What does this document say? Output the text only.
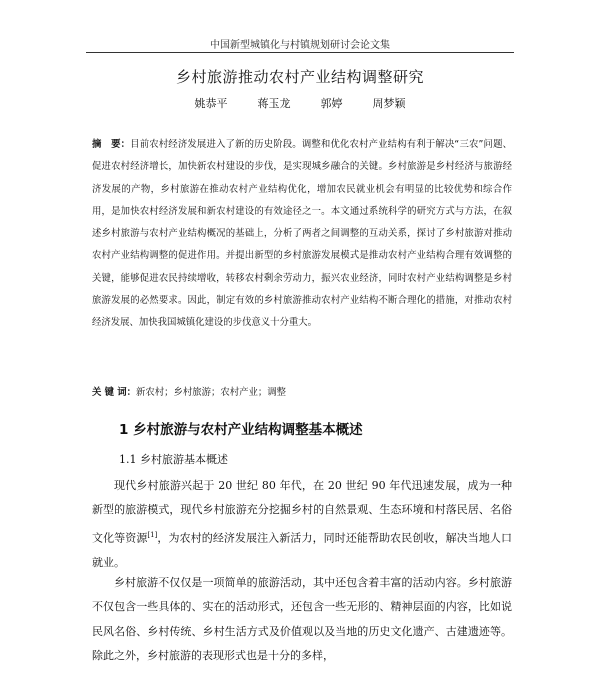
中国新型城镇化与村镇规划研讨会论文集
乡村旅游推动农村产业结构调整研究
姚恭平	蒋玉龙	郭婷	周梦颖
摘　要：目前农村经济发展进入了新的历史阶段。调整和优化农村产业结构有利于解决“三农”问题、促进农村经济增长，加快新农村建设的步伐，是实现城乡融合的关键。乡村旅游是乡村经济与旅游经济发展的产物，乡村旅游在推动农村产业结构优化，增加农民就业机会有明显的比较优势和综合作用，是加快农村经济发展和新农村建设的有效途径之一。本文通过系统科学的研究方式与方法，在叙述乡村旅游与农村产业结构概况的基础上，分析了两者之间调整的互动关系，探讨了乡村旅游对推动农村产业结构调整的促进作用。并提出新型的乡村旅游发展模式是推动农村产业结构合理有效调整的关键，能够促进农民持续增收，转移农村剩余劳动力，振兴农业经济，同时农村产业结构调整是乡村旅游发展的必然要求。因此，制定有效的乡村旅游推动农村产业结构不断合理化的措施，对推动农村经济发展、加快我国城镇化建设的步伐意义十分重大。
关 键 词：新农村；乡村旅游；农村产业；调整
1 乡村旅游与农村产业结构调整基本概述
1.1 乡村旅游基本概述
现代乡村旅游兴起于 20 世纪 80 年代，在 20 世纪 90 年代迅速发展，成为一种新型的旅游模式，现代乡村旅游充分挖掘乡村的自然景观、生态环境和村落民居、名俗文化等资源[1]，为农村的经济发展注入新活力，同时还能帮助农民创收，解决当地人口就业。
乡村旅游不仅仅是一项简单的旅游活动，其中还包含着丰富的活动内容。乡村旅游不仅包含一些具体的、实在的活动形式，还包含一些无形的、精神层面的内容，比如说民风名俗、乡村传统、乡村生活方式及价值观以及当地的历史文化遗产、古建遗迹等。除此之外，乡村旅游的表现形式也是十分的多样，
